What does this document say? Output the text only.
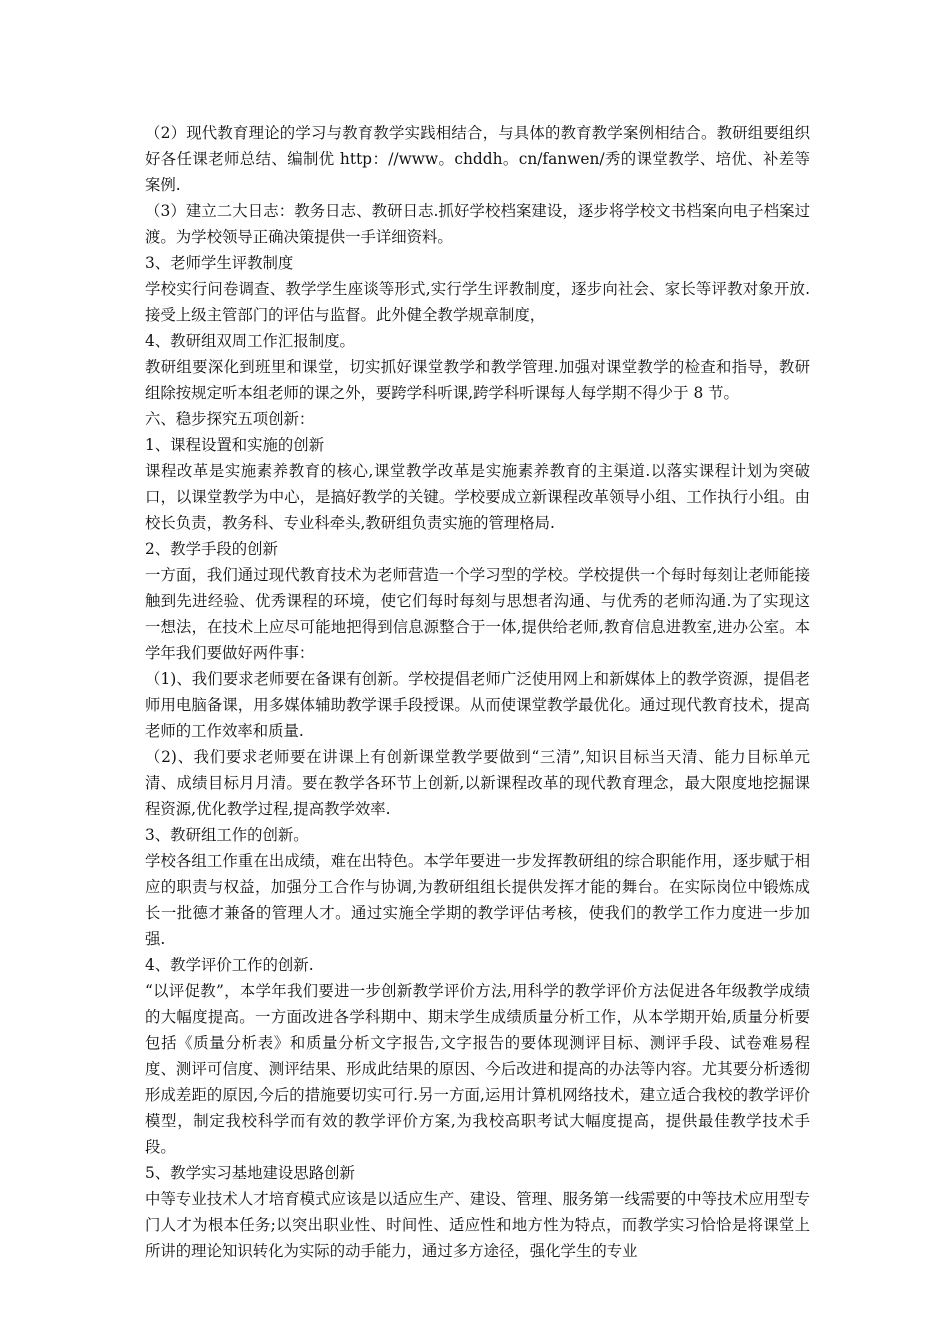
（2）现代教育理论的学习与教育教学实践相结合，与具体的教育教学案例相结合。教研组要组织好各任课老师总结、编制优 http：//www。chddh。cn/fanwen/秀的课堂教学、培优、补差等案例.

（3）建立二大日志：教务日志、教研日志.抓好学校档案建设，逐步将学校文书档案向电子档案过渡。为学校领导正确决策提供一手详细资料。

3、老师学生评教制度

学校实行问卷调查、教学学生座谈等形式,实行学生评教制度，逐步向社会、家长等评教对象开放.接受上级主管部门的评估与监督。此外健全教学规章制度，

4、教研组双周工作汇报制度。

教研组要深化到班里和课堂，切实抓好课堂教学和教学管理.加强对课堂教学的检查和指导，教研组除按规定听本组老师的课之外，要跨学科听课,跨学科听课每人每学期不得少于 8 节。

六、稳步探究五项创新：

1、课程设置和实施的创新

课程改革是实施素养教育的核心,课堂教学改革是实施素养教育的主渠道.以落实课程计划为突破口，以课堂教学为中心，是搞好教学的关键。学校要成立新课程改革领导小组、工作执行小组。由校长负责，教务科、专业科牵头,教研组负责实施的管理格局.

2、教学手段的创新

一方面，我们通过现代教育技术为老师营造一个学习型的学校。学校提供一个每时每刻让老师能接触到先进经验、优秀课程的环境，使它们每时每刻与思想者沟通、与优秀的老师沟通.为了实现这一想法，在技术上应尽可能地把得到信息源整合于一体,提供给老师,教育信息进教室,进办公室。本学年我们要做好两件事：

（1)、我们要求老师要在备课有创新。学校提倡老师广泛使用网上和新媒体上的教学资源，提倡老师用电脑备课，用多媒体辅助教学课手段授课。从而使课堂教学最优化。通过现代教育技术，提高老师的工作效率和质量.

（2)、我们要求老师要在讲课上有创新课堂教学要做到“三清”,知识目标当天清、能力目标单元清、成绩目标月月清。要在教学各环节上创新,以新课程改革的现代教育理念，最大限度地挖掘课程资源,优化教学过程,提高教学效率.

3、教研组工作的创新。

学校各组工作重在出成绩，难在出特色。本学年要进一步发挥教研组的综合职能作用，逐步赋于相应的职责与权益，加强分工合作与协调,为教研组组长提供发挥才能的舞台。在实际岗位中锻炼成长一批德才兼备的管理人才。通过实施全学期的教学评估考核，使我们的教学工作力度进一步加强.

4、教学评价工作的创新.

“以评促教”，本学年我们要进一步创新教学评价方法,用科学的教学评价方法促进各年级教学成绩的大幅度提高。一方面改进各学科期中、期末学生成绩质量分析工作，从本学期开始,质量分析要包括《质量分析表》和质量分析文字报告,文字报告的要体现测评目标、测评手段、试卷难易程度、测评可信度、测评结果、形成此结果的原因、今后改进和提高的办法等内容。尤其要分析透彻形成差距的原因,今后的措施要切实可行.另一方面,运用计算机网络技术，建立适合我校的教学评价模型，制定我校科学而有效的教学评价方案,为我校高职考试大幅度提高，提供最佳教学技术手段。

5、教学实习基地建设思路创新

中等专业技术人才培育模式应该是以适应生产、建设、管理、服务第一线需要的中等技术应用型专门人才为根本任务;以突出职业性、时间性、适应性和地方性为特点，而教学实习恰恰是将课堂上所讲的理论知识转化为实际的动手能力，通过多方途径，强化学生的专业
